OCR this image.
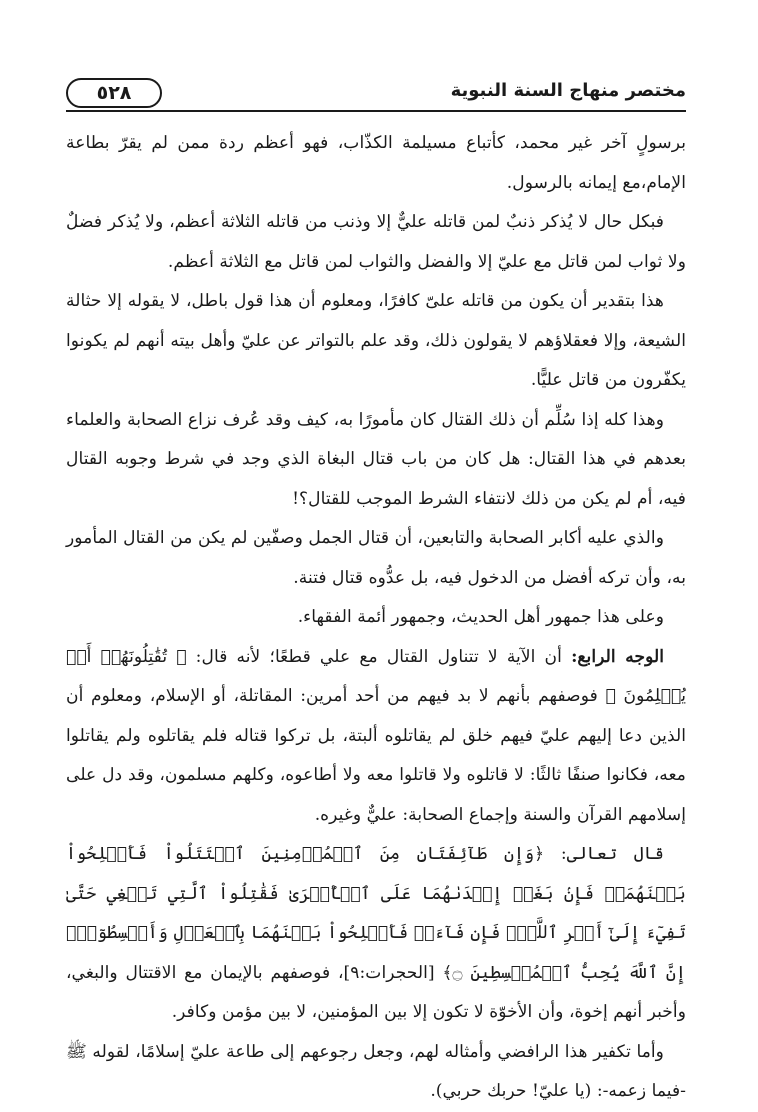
٥٢٨	مختصر منهاج السنة النبوية

برسولٍ آخر غير محمد، كأتباع مسيلمة الكذّاب، فهو أعظم ردة ممن لم يقرّ بطاعة الإمام،مع إيمانه بالرسول.

فبكل حال لا يُذكر ذنبٌ لمن قاتله عليٌّ إلا وذنب من قاتله الثلاثة أعظم، ولا يُذكر فضلٌ ولا ثواب لمن قاتل مع عليّ إلا والفضل والثواب لمن قاتل مع الثلاثة أعظم.

هذا بتقدير أن يكون من قاتله علىّ كافرًا، ومعلوم أن هذا قول باطل، لا يقوله إلا حثالة الشيعة، وإلا فعقلاؤهم لا يقولون ذلك، وقد علم بالتواتر عن عليّ وأهل بيته أنهم لم يكونوا يكفّرون من قاتل عليًّا.

وهذا كله إذا سُلِّم أن ذلك القتال كان مأمورًا به، كيف وقد عُرف نزاع الصحابة والعلماء بعدهم في هذا القتال: هل كان من باب قتال البغاة الذي وجد في شرط وجوبه القتال فيه، أم لم يكن من ذلك لانتفاء الشرط الموجب للقتال؟!

والذي عليه أكابر الصحابة والتابعين، أن قتال الجمل وصفّين لم يكن من القتال المأمور به، وأن تركه أفضل من الدخول فيه، بل عدُّوه قتال فتنة.

وعلى هذا جمهور أهل الحديث، وجمهور أئمة الفقهاء.

الوجه الرابع: أن الآية لا تتناول القتال مع علي قطعًا؛ لأنه قال: ﴿ تُقَٰتِلُونَهُمۡ أَوۡ يُسۡلِمُونَ ﴾ فوصفهم بأنهم لا بد فيهم من أحد أمرين: المقاتلة، أو الإسلام، ومعلوم أن الذين دعا إليهم عليّ فيهم خلق لم يقاتلوه ألبتة، بل تركوا قتاله فلم يقاتلوه ولم يقاتلوا معه، فكانوا صنفًا ثالثًا: لا قاتلوه ولا قاتلوا معه ولا أطاعوه، وكلهم مسلمون، وقد دل على إسلامهم القرآن والسنة وإجماع الصحابة: عليٌّ وغيره.

قال تعالى: ﴿وَإِن طَآئِفَتَانِ مِنَ ٱلۡمُؤۡمِنِينَ ٱقۡتَتَلُواْ فَأَصۡلِحُواْ بَيۡنَهُمَاۖ فَإِنۢ بَغَتۡ إِحۡدَىٰهُمَا عَلَى ٱلۡأُخۡرَىٰ فَقَٰتِلُواْ ٱلَّتِي تَبۡغِي حَتَّىٰ تَفِيٓءَ إِلَىٰٓ أَمۡرِ ٱللَّهِۚ فَإِن فَآءَتۡ فَأَصۡلِحُواْ بَيۡنَهُمَا بِٱلۡعَدۡلِ وَأَقۡسِطُوٓاْۖ إِنَّ ٱللَّهَ يُحِبُّ ٱلۡمُقۡسِطِينَ ۝﴾ [الحجرات:٩]، فوصفهم بالإيمان مع الاقتتال والبغي، وأخبر أنهم إخوة، وأن الأخوّة لا تكون إلا بين المؤمنين، لا بين مؤمن وكافر.

وأما تكفير هذا الرافضي وأمثاله لهم، وجعل رجوعهم إلى طاعة عليّ إسلامًا، لقوله ﷺ -فيما زعمه-: (يا عليّ! حربك حربي).
